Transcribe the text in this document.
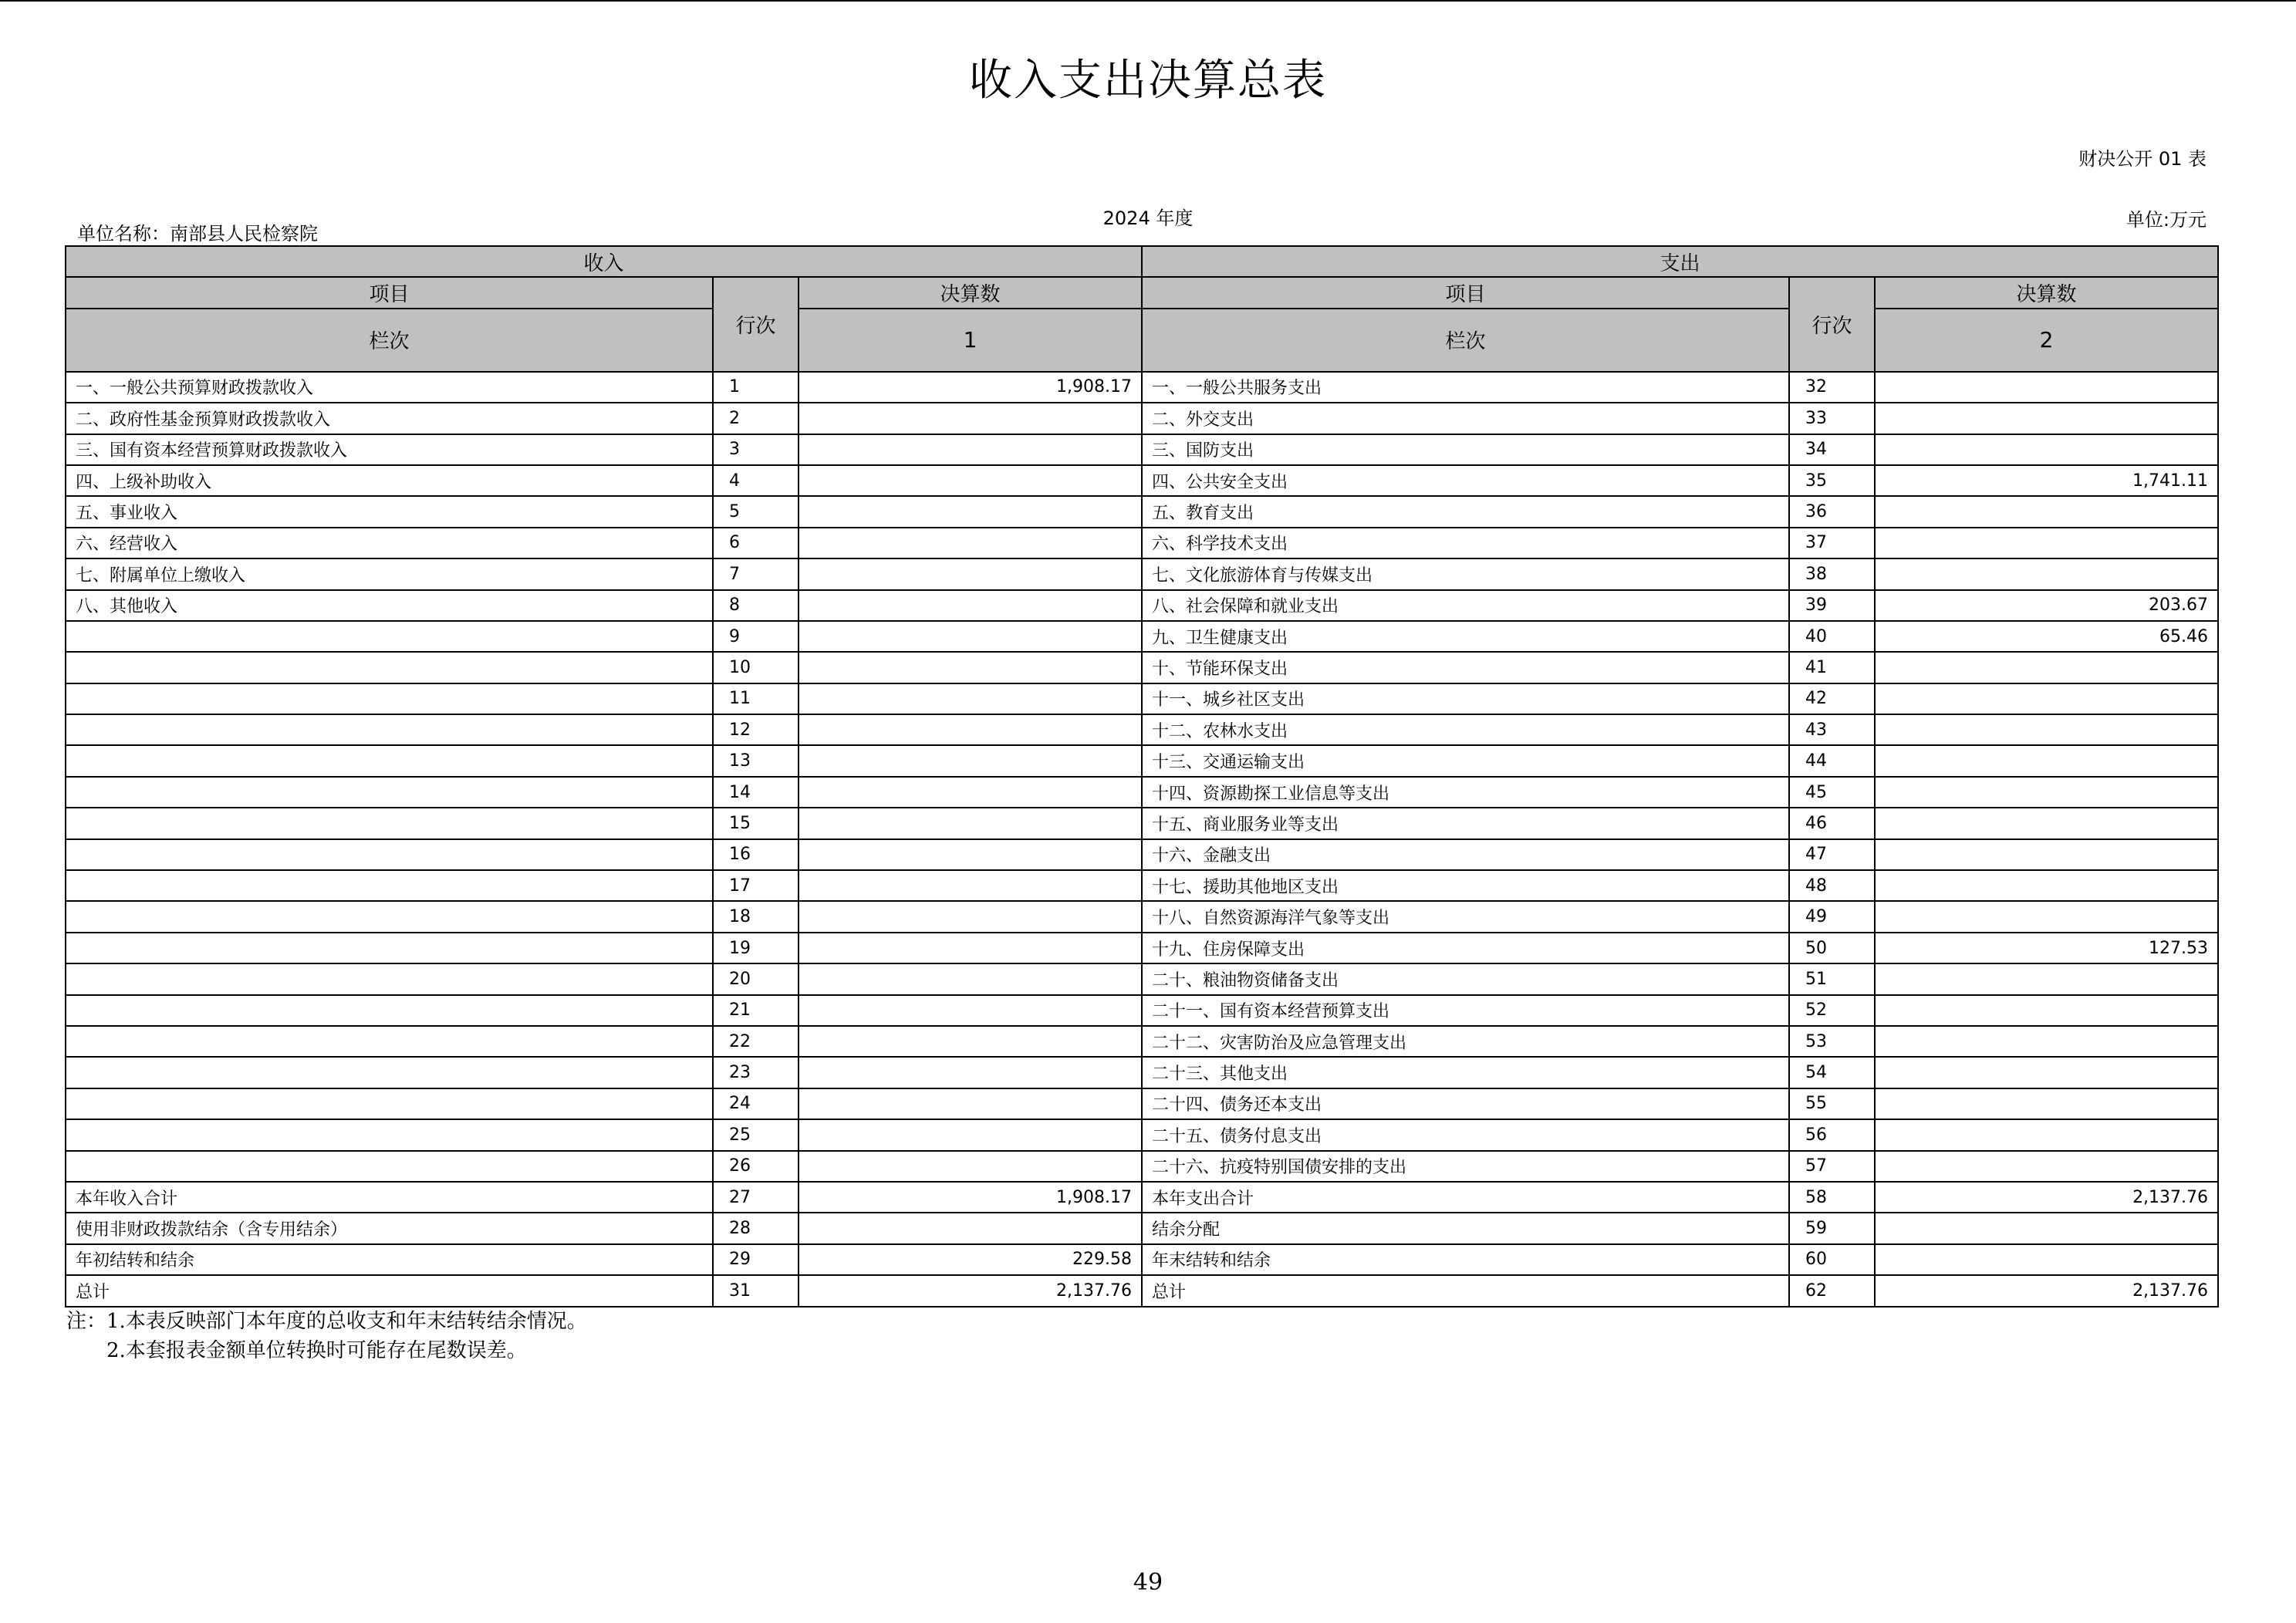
收入支出决算总表
财决公开 01 表
单位名称：南部县人民检察院
2024 年度	单位:万元
收入			支出		
项目	行次	决算数	项目	行次	决算数
栏次		1	栏次		2
一、一般公共预算财政拨款收入	1	1,908.17	一、一般公共服务支出	32	
二、政府性基金预算财政拨款收入	2		二、外交支出	33	
三、国有资本经营预算财政拨款收入	3		三、国防支出	34	
四、上级补助收入	4		四、公共安全支出	35	1,741.11
五、事业收入	5		五、教育支出	36	
六、经营收入	6		六、科学技术支出	37	
七、附属单位上缴收入	7		七、文化旅游体育与传媒支出	38	
八、其他收入	8		八、社会保障和就业支出	39	203.67
	9		九、卫生健康支出	40	65.46
	10		十、节能环保支出	41	
	11		十一、城乡社区支出	42	
	12		十二、农林水支出	43	
	13		十三、交通运输支出	44	
	14		十四、资源勘探工业信息等支出	45	
	15		十五、商业服务业等支出	46	
	16		十六、金融支出	47	
	17		十七、援助其他地区支出	48	
	18		十八、自然资源海洋气象等支出	49	
	19		十九、住房保障支出	50	127.53
	20		二十、粮油物资储备支出	51	
	21		二十一、国有资本经营预算支出	52	
	22		二十二、灾害防治及应急管理支出	53	
	23		二十三、其他支出	54	
	24		二十四、债务还本支出	55	
	25		二十五、债务付息支出	56	
	26		二十六、抗疫特别国债安排的支出	57	
本年收入合计	27	1,908.17	本年支出合计	58	2,137.76
使用非财政拨款结余（含专用结余）	28		结余分配	59	
年初结转和结余	29	229.58	年末结转和结余	60	
总计	31	2,137.76	总计	62	2,137.76
注：1.本表反映部门本年度的总收支和年末结转结余情况。
2.本套报表金额单位转换时可能存在尾数误差。
49
